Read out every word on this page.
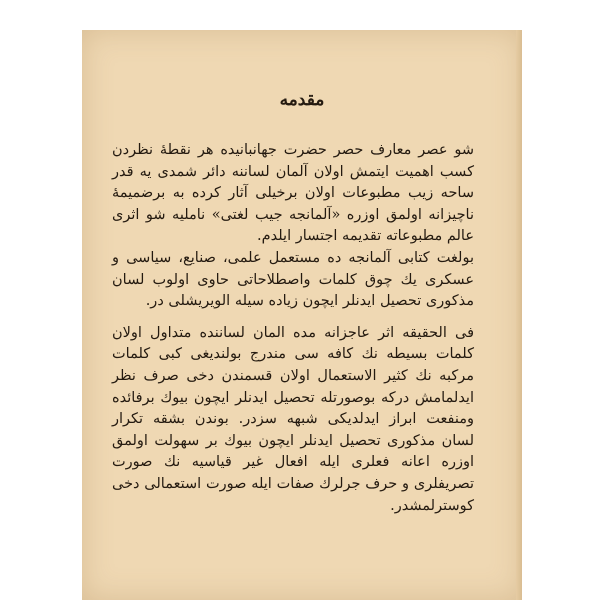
مقدمه

شو عصر معارف حصر حضرت جهانبانیده هر نقطهٔ نظردن کسب اهمیت ایتمش اولان آلمان لساننه دائر شمدی یه قدر ساحه زیب مطبوعات اولان برخیلی آثار کرده به برضمیمهٔ ناچیزانه اولمق اوزره «آلمانجه جیب لغتی» ناملیه شو اثری عالم مطبوعاته تقدیمه اجتسار ایلدم.

بولغت کتابی آلمانجه ده مستعمل علمی، صنایع، سیاسی و عسکری یك چوق کلمات واصطلاحاتی حاوی اولوب لسان مذکوری تحصیل ایدنلر ایچون زیاده سیله الویریشلی در.

فی الحقیقه اثر عاجزانه مده المان لساننده متداول اولان کلمات بسیطه نك كافه سی مندرج بولندیغی کبی کلمات مرکبه نك کثیر الاستعمال اولان قسمندن دخی صرف نظر ایدلمامش درکه بوصورتله تحصیل ایدنلر ایچون بیوك برفائده ومنفعت ابراز ایدلدیکی شبهه سزدر. بوندن بشقه تکرار لسان مذکوری تحصیل ایدنلر ایچون بیوك بر سهولت اولمق اوزره اعانه فعلری ایله افعال غیر قیاسیه نك صورت تصریفلری و حرف جرلرك صفات ایله صورت استعمالی دخی کوسترلمشدر.
